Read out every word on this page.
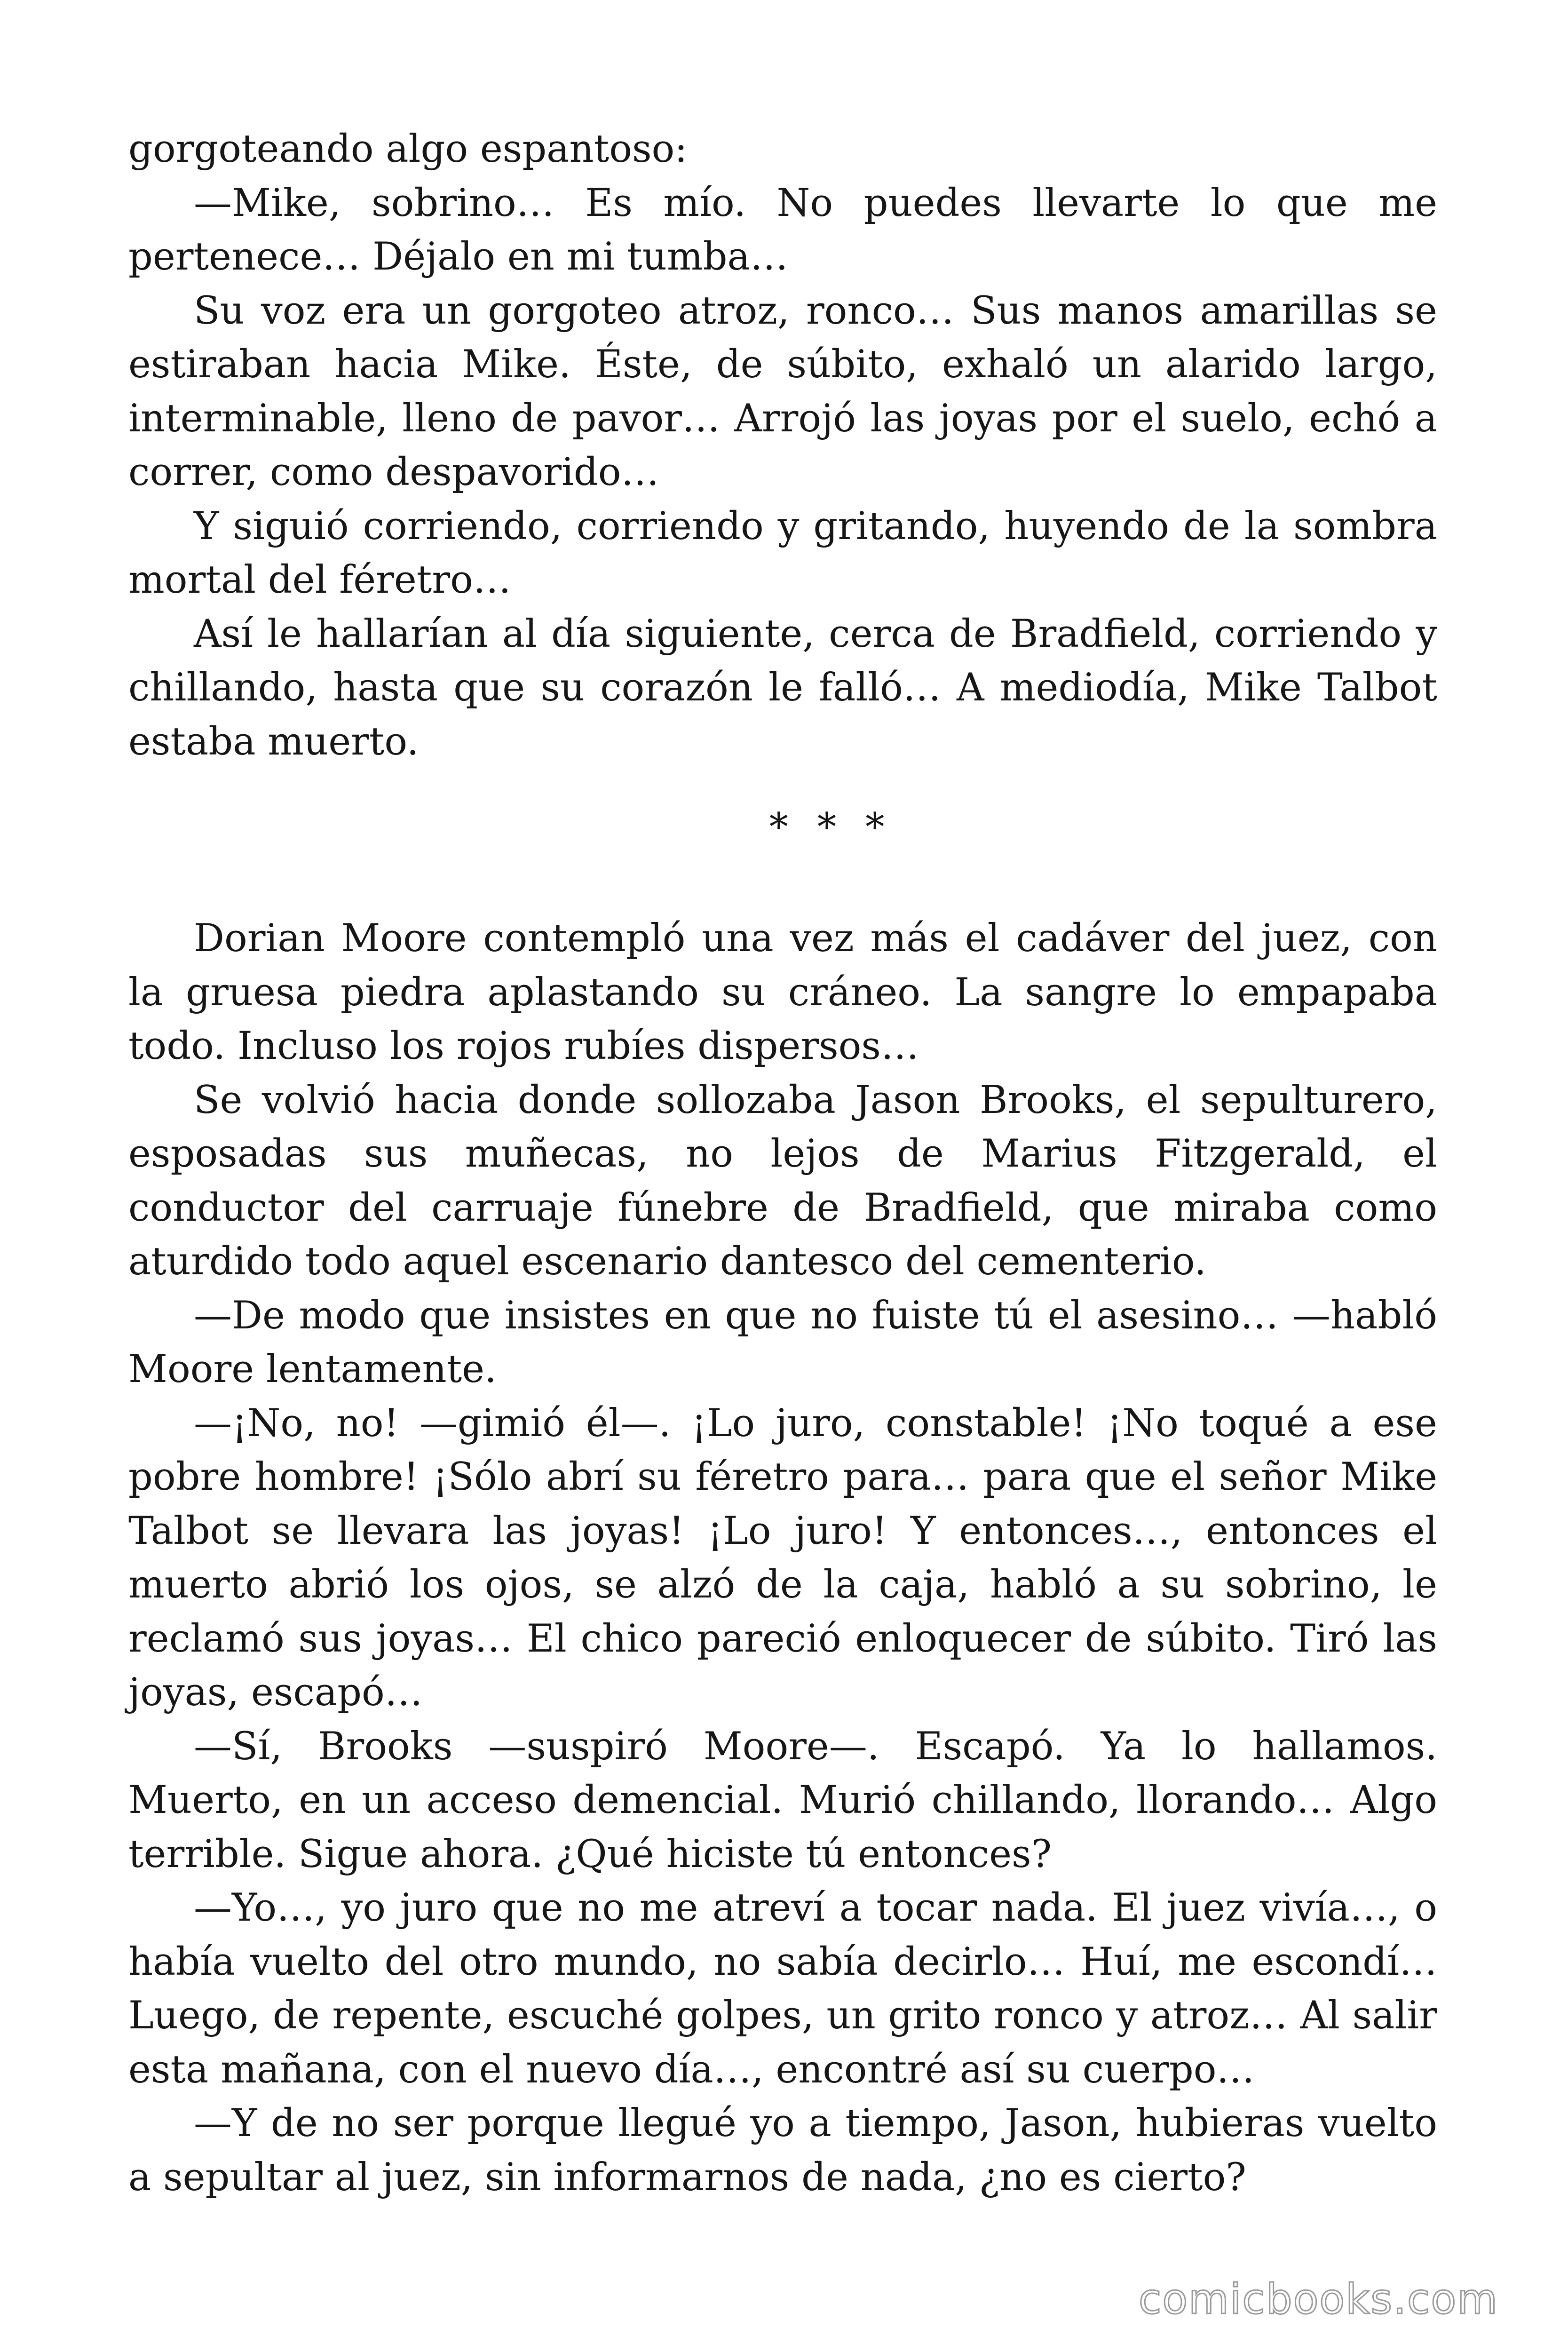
gorgoteando algo espantoso:

—Mike, sobrino… Es mío. No puedes llevarte lo que me pertenece… Déjalo en mi tumba…

Su voz era un gorgoteo atroz, ronco… Sus manos amarillas se estiraban hacia Mike. Éste, de súbito, exhaló un alarido largo, interminable, lleno de pavor… Arrojó las joyas por el suelo, echó a correr, como despavorido…

Y siguió corriendo, corriendo y gritando, huyendo de la sombra mortal del féretro…

Así le hallarían al día siguiente, cerca de Bradfield, corriendo y chillando, hasta que su corazón le falló… A mediodía, Mike Talbot estaba muerto.

* * *

Dorian Moore contempló una vez más el cadáver del juez, con la gruesa piedra aplastando su cráneo. La sangre lo empapaba todo. Incluso los rojos rubíes dispersos…

Se volvió hacia donde sollozaba Jason Brooks, el sepulturero, esposadas sus muñecas, no lejos de Marius Fitzgerald, el conductor del carruaje fúnebre de Bradfield, que miraba como aturdido todo aquel escenario dantesco del cementerio.

—De modo que insistes en que no fuiste tú el asesino… —habló Moore lentamente.

—¡No, no! —gimió él—. ¡Lo juro, constable! ¡No toqué a ese pobre hombre! ¡Sólo abrí su féretro para… para que el señor Mike Talbot se llevara las joyas! ¡Lo juro! Y entonces…, entonces el muerto abrió los ojos, se alzó de la caja, habló a su sobrino, le reclamó sus joyas… El chico pareció enloquecer de súbito. Tiró las joyas, escapó…

—Sí, Brooks —suspiró Moore—. Escapó. Ya lo hallamos. Muerto, en un acceso demencial. Murió chillando, llorando… Algo terrible. Sigue ahora. ¿Qué hiciste tú entonces?

—Yo…, yo juro que no me atreví a tocar nada. El juez vivía…, o había vuelto del otro mundo, no sabía decirlo… Huí, me escondí… Luego, de repente, escuché golpes, un grito ronco y atroz… Al salir esta mañana, con el nuevo día…, encontré así su cuerpo…

—Y de no ser porque llegué yo a tiempo, Jason, hubieras vuelto a sepultar al juez, sin informarnos de nada, ¿no es cierto?

comicbooks.com
